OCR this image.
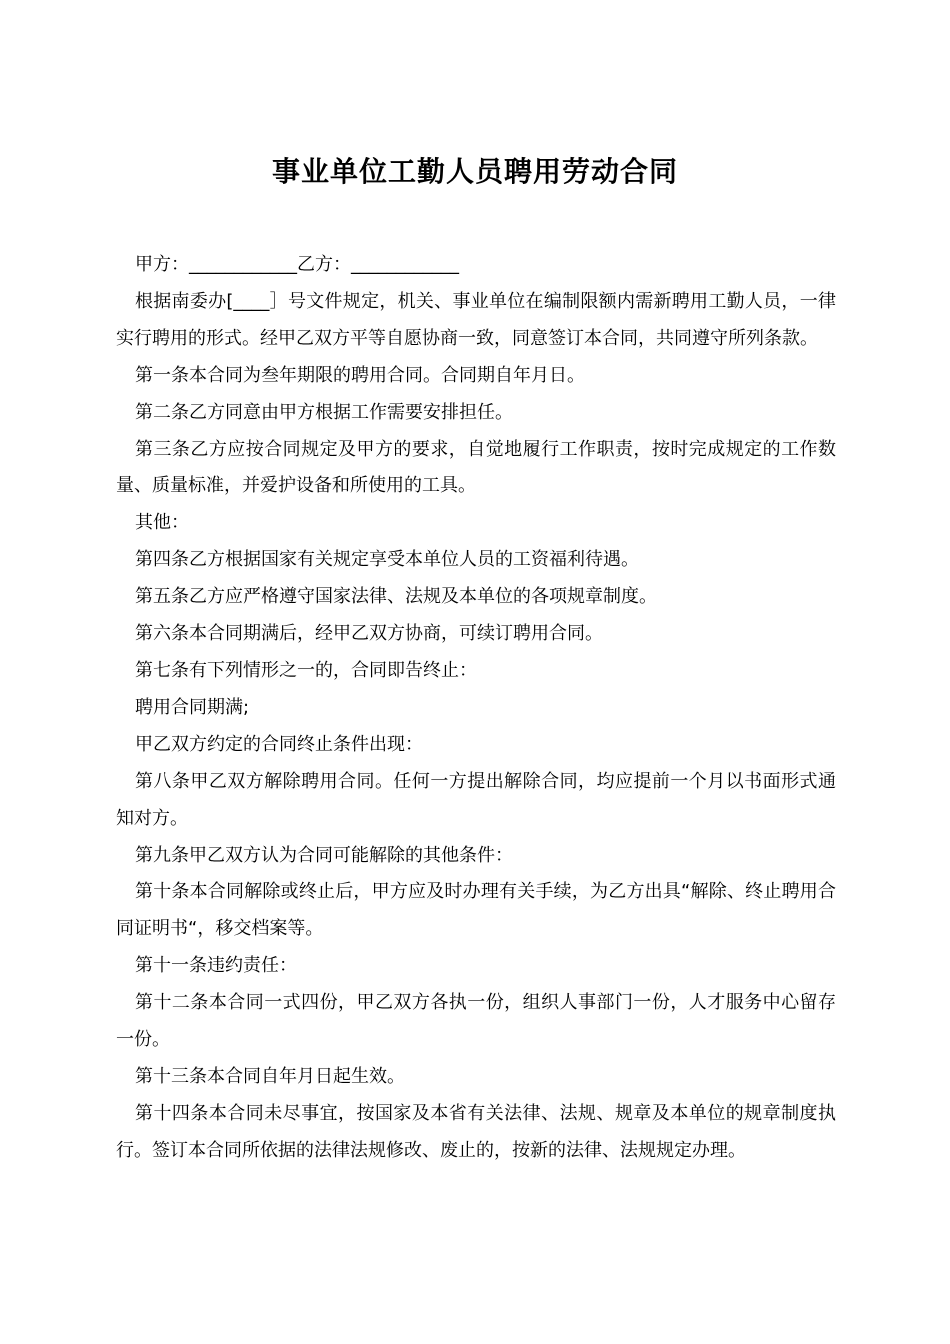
事业单位工勤人员聘用劳动合同

甲方：____________乙方：____________

根据南委办[____］号文件规定，机关、事业单位在编制限额内需新聘用工勤人员，一律实行聘用的形式。经甲乙双方平等自愿协商一致，同意签订本合同，共同遵守所列条款。

第一条本合同为叁年期限的聘用合同。合同期自年月日。

第二条乙方同意由甲方根据工作需要安排担任。

第三条乙方应按合同规定及甲方的要求，自觉地履行工作职责，按时完成规定的工作数量、质量标准，并爱护设备和所使用的工具。

其他：

第四条乙方根据国家有关规定享受本单位人员的工资福利待遇。

第五条乙方应严格遵守国家法律、法规及本单位的各项规章制度。

第六条本合同期满后，经甲乙双方协商，可续订聘用合同。

第七条有下列情形之一的，合同即告终止：

聘用合同期满;

甲乙双方约定的合同终止条件出现：

第八条甲乙双方解除聘用合同。任何一方提出解除合同，均应提前一个月以书面形式通知对方。

第九条甲乙双方认为合同可能解除的其他条件：

第十条本合同解除或终止后，甲方应及时办理有关手续，为乙方出具“解除、终止聘用合同证明书“，移交档案等。

第十一条违约责任：

第十二条本合同一式四份，甲乙双方各执一份，组织人事部门一份，人才服务中心留存一份。

第十三条本合同自年月日起生效。

第十四条本合同未尽事宜，按国家及本省有关法律、法规、规章及本单位的规章制度执行。签订本合同所依据的法律法规修改、废止的，按新的法律、法规规定办理。
